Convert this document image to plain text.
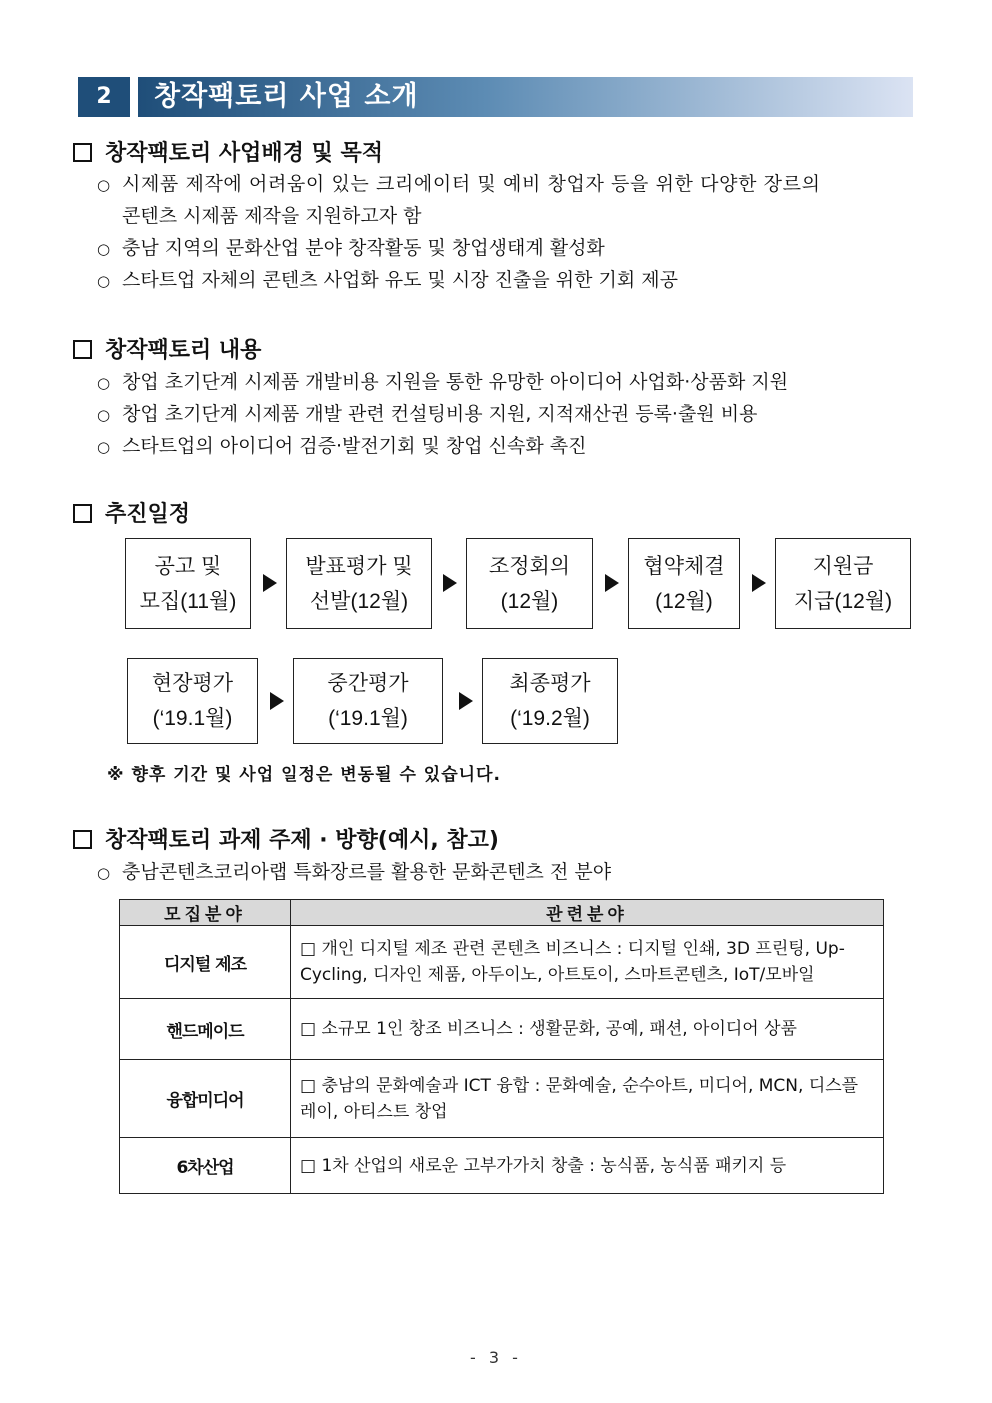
2	창작팩토리 사업 소개
창작팩토리 사업배경 및 목적
○ 시제품 제작에 어려움이 있는 크리에이터 및 예비 창업자 등을 위한 다양한 장르의
콘텐츠 시제품 제작을 지원하고자 함
○ 충남 지역의 문화산업 분야 창작활동 및 창업생태계 활성화
○ 스타트업 자체의 콘텐츠 사업화 유도 및 시장 진출을 위한 기회 제공
창작팩토리 내용
○ 창업 초기단계 시제품 개발비용 지원을 통한 유망한 아이디어 사업화·상품화 지원
○ 창업 초기단계 시제품 개발 관련 컨설팅비용 지원, 지적재산권 등록·출원 비용
○ 스타트업의 아이디어 검증·발전기회 및 창업 신속화 촉진
추진일정
공고 및
모집(11월)
발표평가 및
선발(12월)
조정회의
(12월)
협약체결
(12월)
지원금
지급(12월)
현장평가
(‘19.1월)
중간평가
(‘19.1월)
최종평가
(‘19.2월)
※ 향후 기간 및 사업 일정은 변동될 수 있습니다.
창작팩토리 과제 주제 · 방향(예시, 참고)
○ 충남콘텐츠코리아랩 특화장르를 활용한 문화콘텐츠 전 분야
모집분야	관련분야
디지털 제조	□ 개인 디지털 제조 관련 콘텐츠 비즈니스 : 디지털 인쇄, 3D 프린팅, Up-Cycling, 디자인 제품, 아두이노, 아트토이, 스마트콘텐츠, IoT/모바일
핸드메이드	□ 소규모 1인 창조 비즈니스 : 생활문화, 공예, 패션, 아이디어 상품
융합미디어	□ 충남의 문화예술과 ICT 융합 : 문화예술, 순수아트, 미디어, MCN, 디스플레이, 아티스트 창업
6차산업	□ 1차 산업의 새로운 고부가가치 창출 : 농식품, 농식품 패키지 등
- 3 -
